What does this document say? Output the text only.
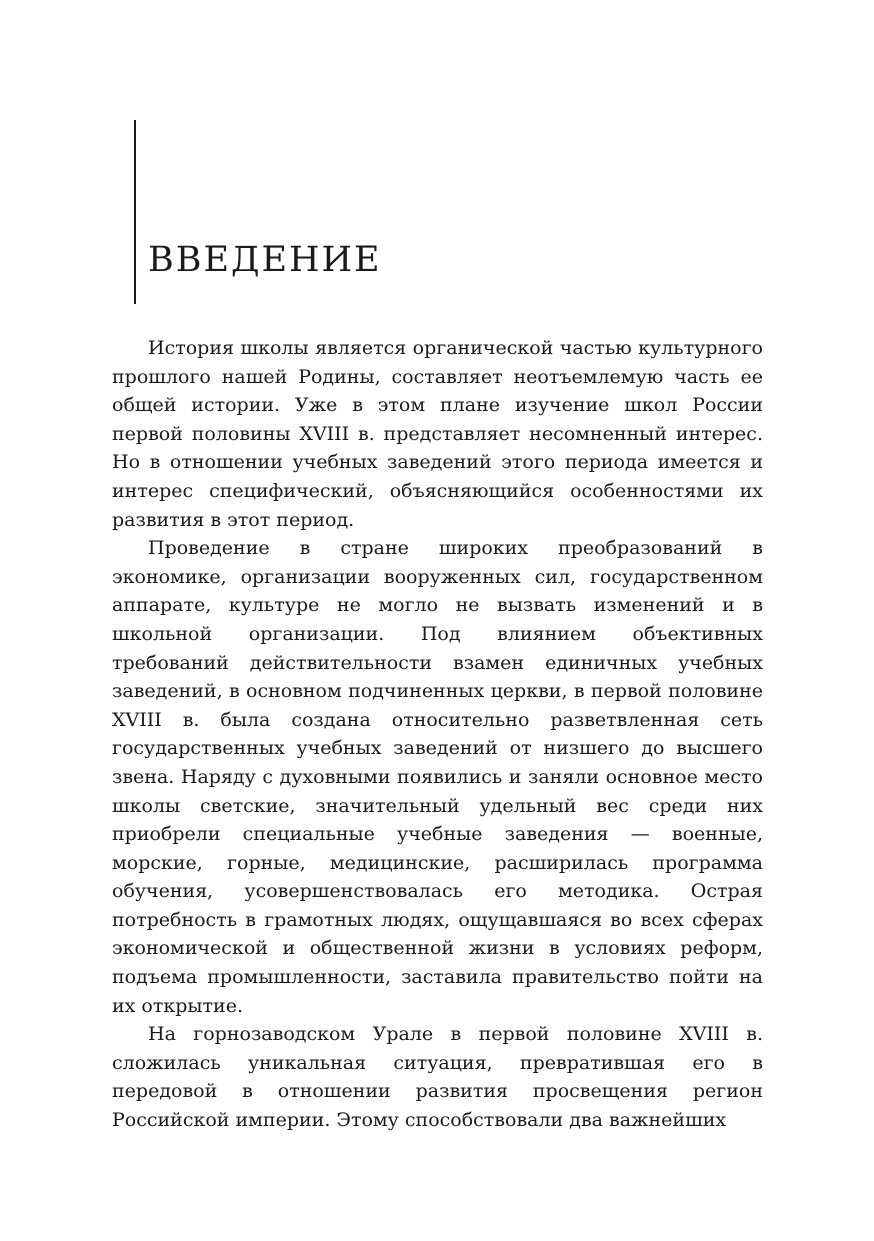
ВВЕДЕНИЕ

История школы является органической частью культурного прошлого нашей Родины, составляет неотъемлемую часть ее общей истории. Уже в этом плане изучение школ России первой половины XVIII в. представляет несомненный интерес. Но в отношении учебных заведений этого периода имеется и интерес специфический, объясняющийся особенностями их развития в этот период.

Проведение в стране широких преобразований в экономике, организации вооруженных сил, государственном аппарате, культуре не могло не вызвать изменений и в школьной организации. Под влиянием объективных требований действительности взамен единичных учебных заведений, в основном подчиненных церкви, в первой половине XVIII в. была создана относительно разветвленная сеть государственных учебных заведений от низшего до высшего звена. Наряду с духовными появились и заняли основное место школы светские, значительный удельный вес среди них приобрели специальные учебные заведения — военные, морские, горные, медицинские, расширилась программа обучения, усовершенствовалась его методика. Острая потребность в грамотных людях, ощущавшаяся во всех сферах экономической и общественной жизни в условиях реформ, подъема промышленности, заставила правительство пойти на их открытие.

На горнозаводском Урале в первой половине XVIII в. сложилась уникальная ситуация, превратившая его в передовой в отношении развития просвещения регион Российской империи. Этому способствовали два важнейших
